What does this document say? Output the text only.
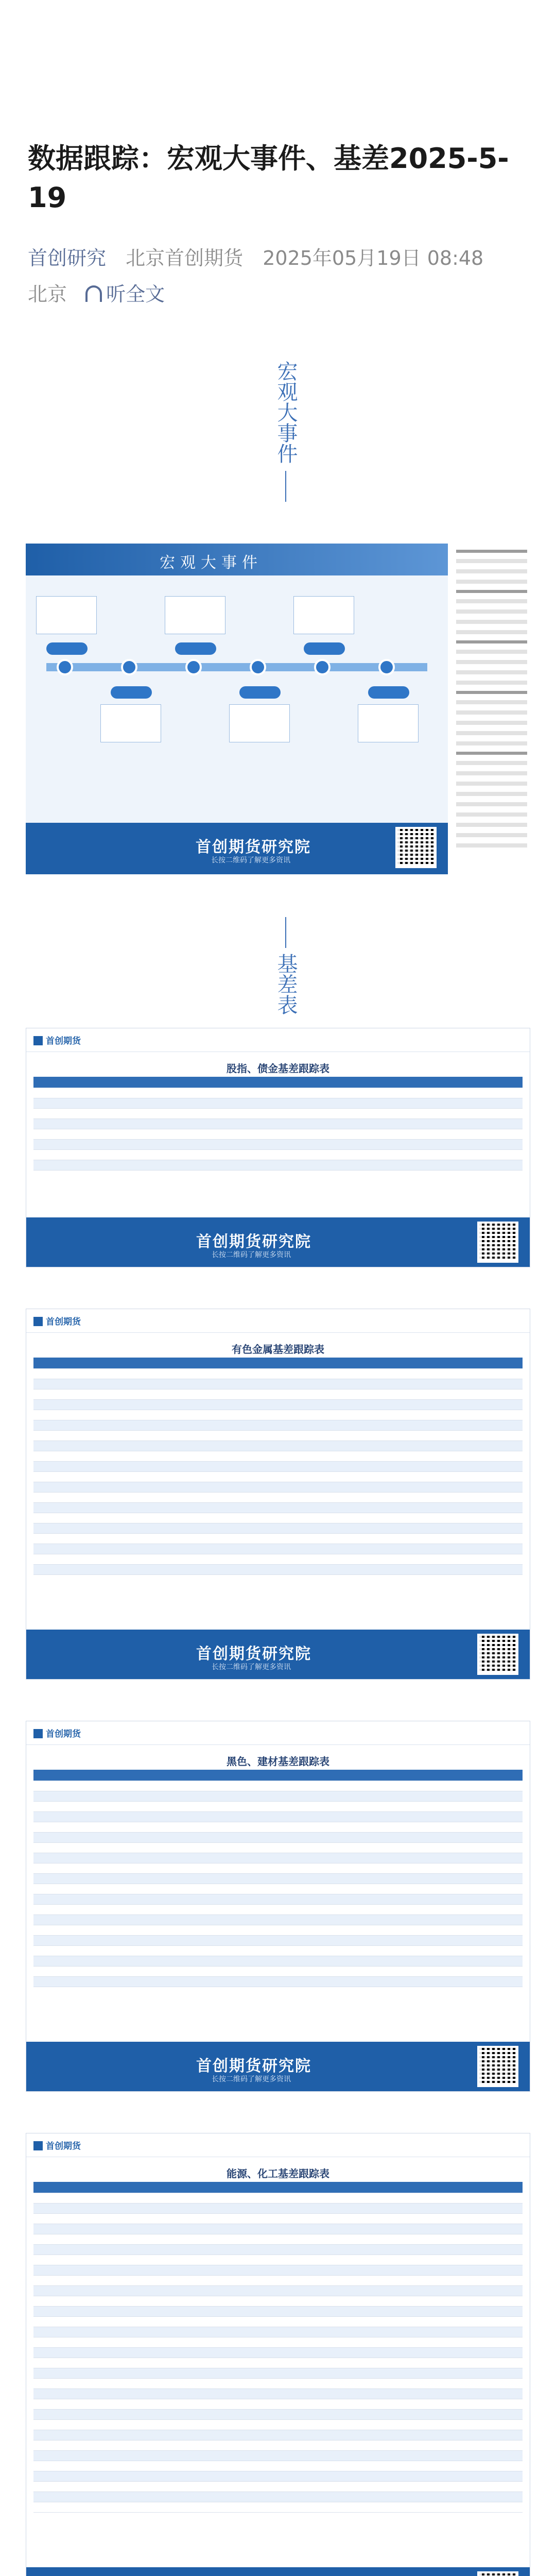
数据跟踪：宏观大事件、基差2025-5-19
首创研究 北京首创期货 2025年05月19日 08:48
北京 听全文
宏观大事件
宏观大事件
首创期货研究院
长按二维码了解更多资讯
基差表
首创期货
股指、债金基差跟踪表
首创期货研究院
长按二维码了解更多资讯
首创期货
有色金属基差跟踪表
首创期货研究院
长按二维码了解更多资讯
首创期货
黑色、建材基差跟踪表
首创期货研究院
长按二维码了解更多资讯
首创期货
能源、化工基差跟踪表
